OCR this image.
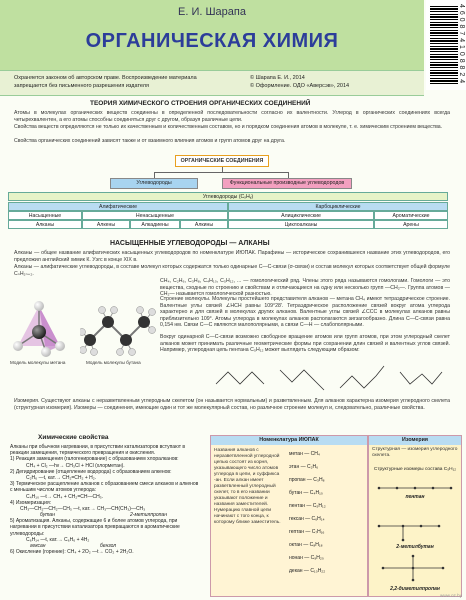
Е. И. Шарапа
ОРГАНИЧЕСКАЯ ХИМИЯ	4 6 0 8 7 4 1 0 8 8 2 4
Охраняется законом об авторском праве. Воспроизведение материала запрещается без письменного разрешения издателя
© Шарапа Е. И., 2014
© Оформление. ОДО «Аверсэв», 2014
ТЕОРИЯ ХИМИЧЕСКОГО СТРОЕНИЯ ОРГАНИЧЕСКИХ СОЕДИНЕНИЙ
Атомы в молекулах органических веществ соединены в определенной последовательности согласно их валентности. Углерод в органических соединениях всегда четырехвалентен, а его атомы способны соединяться друг с другом, образуя различные цепи.
Свойства веществ определяются не только их качественным и количественным составом, но и порядком соединения атомов в молекуле, т. е. химическим строением вещества.
Свойства органических соединений зависят также и от взаимного влияния атомов и групп атомов друг на друга.
ОРГАНИЧЕСКИЕ СОЕДИНЕНИЯ
Углеводороды	Функциональные производные углеводородов
Углеводороды (CₓHᵧ)
Алифатические	Карбоциклические
Насыщенные	Ненасыщенные	Алициклические	Ароматические
Алканы	Алкены	Алкадиены	Алкины	Циклоалканы	Арены
НАСЫЩЕННЫЕ УГЛЕВОДОРОДЫ — АЛКАНЫ
Алканы — общее название алифатических насыщенных углеводородов по номенклатуре ИЮПАК. Парафины — историческое сохранившееся название этих углеводородов, его предложил английский химик К. Уэгс в конце XIX в.
Алканы — алифатические углеводороды, в составе молекул которых содержатся только одинарные C—C-связи (σ-связи) и состав молекул которых соответствует общей формуле CₙH₂ₙ₊₂.
CH₄, C₂H₆, C₃H₈, C₄H₁₀, C₅H₁₂, ... — гомологический ряд. Члены этого ряда называются гомологами. Гомологи — это вещества, сходные по строению и свойствам и отличающиеся на одну или несколько групп —CH₂—. Группа атомов —CH₂— называется гомологической разностью.
Строение молекулы. Молекулы простейшего представителя алканов — метана CH₄ имеют тетраэдрическое строение. Валентные углы связей ∠HCH равны 109°28′. Тетраэдрическое расположение связей вокруг атома углерода характерно и для связей в молекулах других алканов. Валентные углы связей ∠CCC в молекулах алканов равны приблизительно 109°. Атомы углерода в молекулах алканов располагаются зигзагообразно. Длина C—C-связи равна 0,154 нм. Связи C—C являются малополярными, а связи C—H — слабополярными.
Вокруг одинарной C—C-связи возможно свободное вращение атомов или групп атомов, при этом углеродный скелет алканов может принимать различные геометрические формы при сохранении длин связей и валентных углов связей. Например, углеродная цепь пентана C₅H₁₂ может выглядеть следующим образом:
Модель молекулы метана	Модель молекулы бутана
Изомерия. Существуют алканы с неразветвленным углеродным скелетом (он называется нормальным) и разветвленным. Для алканов характерна изомерия углеродного скелета (структурная изомерия). Изомеры — соединения, имеющие один и тот же молекулярный состав, но различное строение молекул и, следовательно, различные свойства.
Химические свойства
Алканы при обычном нагревании, в присутствии катализаторов вступают в реакции замещения, термического превращения и окисления.
1) Реакция замещения (галогенирование) с образованием хлоралканов:
CH₄ + Cl₂ —hν→ CH₃Cl + HCl (хлорметан).
2) Дегидрирование (отщепление водорода) с образованием алкенов:
C₂H₆ —t, кат.→ CH₂=CH₂ + H₂.
3) Термическое расщепление алканов с образованием смеси алканов и алкенов с меньшим числом атомов углерода:
C₄H₁₀ —t→ CH₄ + CH₂=CH—CH₃.
4) Изомеризация:
CH₃—CH₂—CH₂—CH₃ —t, кат.→ CH₃—CH(CH₃)—CH₃
бутан	2-метилпропан
5) Ароматизация. Алканы, содержащие 6 и более атомов углерода, при нагревании в присутствии катализатора превращаются в ароматические углеводороды:
C₆H₁₄ —t, кат.→ C₆H₆ + 4H₂
гексан	бензол
6) Окисление (горение): CH₄ + 2O₂ —t→ CO₂ + 2H₂O.
Номенклатура ИЮПАК
Названия алканов с неразветвленной углеродной цепью состоят из корня, указывающего число атомов углерода в цепи, и суффикса -ан. Если алкан имеет разветвленный углеродный скелет, то в его названии указывают положение и названия заместителей. Нумерацию главной цепи начинают с того конца, к которому ближе заместитель.
метан — CH₄
этан — C₂H₆
пропан — C₃H₈
бутан — C₄H₁₀
пентан — C₅H₁₂
гексан — C₆H₁₄
гептан — C₇H₁₆
октан — C₈H₁₈
нонан — C₉H₂₀
декан — C₁₀H₂₂
Изомерия
Структурная — изомерия углеродного скелета.
Структурные изомеры состава C₅H₁₂
пентан
2-метилбутан
2,2-диметилпропан
www.oz.by
